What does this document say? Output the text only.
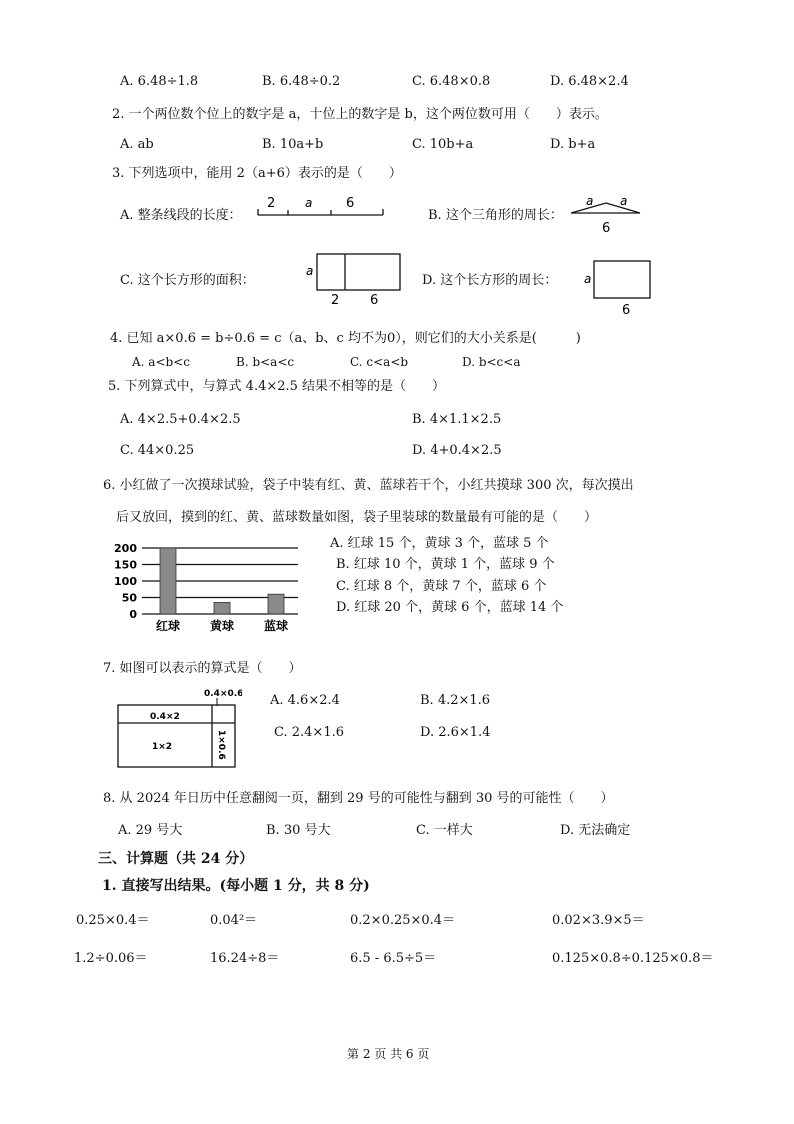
A. 6.48÷1.8	B. 6.48÷0.2	C. 6.48×0.8	D. 6.48×2.4
2. 一个两位数个位上的数字是 a，十位上的数字是 b，这个两位数可用（　　）表示。
A. ab	B. 10a+b	C. 10b+a	D. b+a
3. 下列选项中，能用 2（a+6）表示的是（　　）
A. 整条线段的长度：
2 a	6
B. 这个三角形的周长：
a a
6
C. 这个长方形的面积：
a
2 6
D. 这个长方形的周长： a
6
4. 已知 a×0.6 = b÷0.6 = c（a、b、c 均不为0），则它们的大小关系是(　　　)
A. a<b<c	B. b<a<c	C. c<a<b	D. b<c<a
5. 下列算式中，与算式 4.4×2.5 结果不相等的是（　　）
A. 4×2.5+0.4×2.5	B. 4×1.1×2.5
C. 44×0.25	D. 4+0.4×2.5
6. 小红做了一次摸球试验，袋子中装有红、黄、蓝球若干个，小红共摸球 300 次，每次摸出
后又放回，摸到的红、黄、蓝球数量如图，袋子里装球的数量最有可能的是（　　）
0
50
100
150
200
红球 黄球 蓝球
A. 红球 15 个，黄球 3 个，蓝球 5 个
B. 红球 10 个，黄球 1 个，蓝球 9 个
C. 红球 8 个，黄球 7 个，蓝球 6 个
D. 红球 20 个，黄球 6 个，蓝球 14 个
7. 如图可以表示的算式是（　　）
0.4×0.6
0.4×2
1×2	1×0.6
A. 4.6×2.4	B. 4.2×1.6
C. 2.4×1.6	D. 2.6×1.4
8. 从 2024 年日历中任意翻阅一页，翻到 29 号的可能性与翻到 30 号的可能性（　　）
A. 29 号大	B. 30 号大	C. 一样大	D. 无法确定
三、计算题（共 24 分）
1. 直接写出结果。(每小题 1 分，共 8 分)
0.25×0.4＝	0.04²＝	0.2×0.25×0.4＝	0.02×3.9×5＝
1.2÷0.06＝	16.24÷8＝	6.5 - 6.5÷5＝	0.125×0.8÷0.125×0.8＝
第 2 页 共 6 页
